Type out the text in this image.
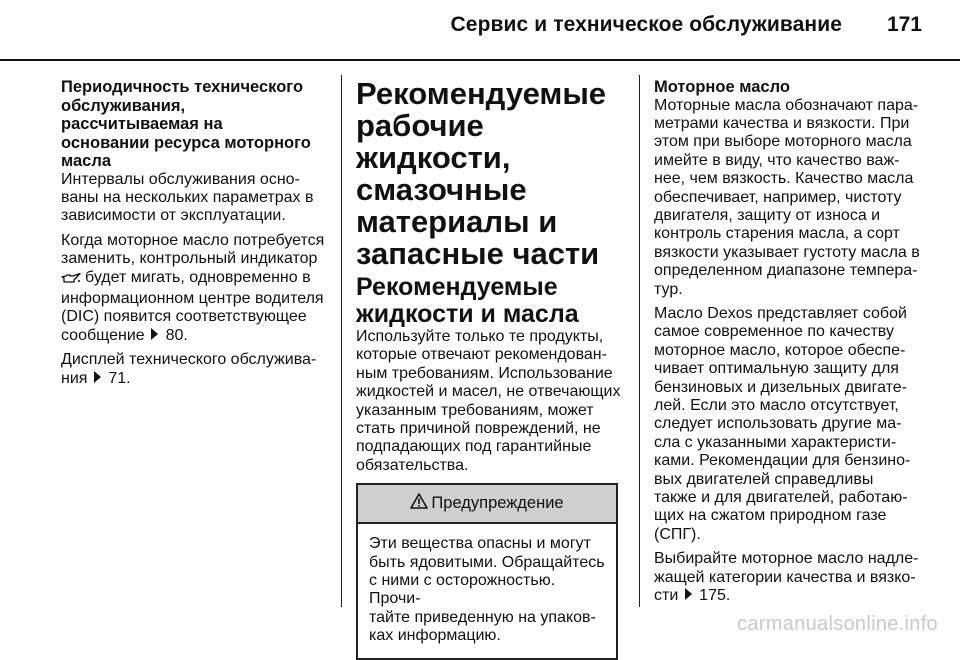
Сервис и техническое обслуживание 171
Периодичность технического
обслуживания,
рассчитываемая на
основании ресурса моторного
масла
Интервалы обслуживания осно-
ваны на нескольких параметрах в
зависимости от эксплуатации.
Когда моторное масло потребуется
заменить, контрольный индикатор
будет мигать, одновременно в
информационном центре водителя
(DIC) появится соответствующее
сообщение 80.
Дисплей технического обслужива-
ния 71.
Рекомендуемые
рабочие жидкости,
смазочные
материалы и
запасные части
Рекомендуемые
жидкости и масла
Используйте только те продукты,
которые отвечают рекомендован-
ным требованиям. Использование
жидкостей и масел, не отвечающих
указанным требованиям, может
стать причиной повреждений, не
подпадающих под гарантийные
обязательства.
Предупреждение
Эти вещества опасны и могут
быть ядовитыми. Обращайтесь
с ними с осторожностью. Прочи-
тайте приведенную на упаков-
ках информацию.
Моторное масло
Моторные масла обозначают пара-
метрами качества и вязкости. При
этом при выборе моторного масла
имейте в виду, что качество важ-
нее, чем вязкость. Качество масла
обеспечивает, например, чистоту
двигателя, защиту от износа и
контроль старения масла, а сорт
вязкости указывает густоту масла в
определенном диапазоне темпера-
тур.
Масло Dexos представляет собой
самое современное по качеству
моторное масло, которое обеспе-
чивает оптимальную защиту для
бензиновых и дизельных двигате-
лей. Если это масло отсутствует,
следует использовать другие ма-
сла с указанными характеристи-
ками. Рекомендации для бензино-
вых двигателей справедливы
также и для двигателей, работаю-
щих на сжатом природном газе
(СПГ).
Выбирайте моторное масло надле-
жащей категории качества и вязко-
сти 175.
carmanualsonline.info
